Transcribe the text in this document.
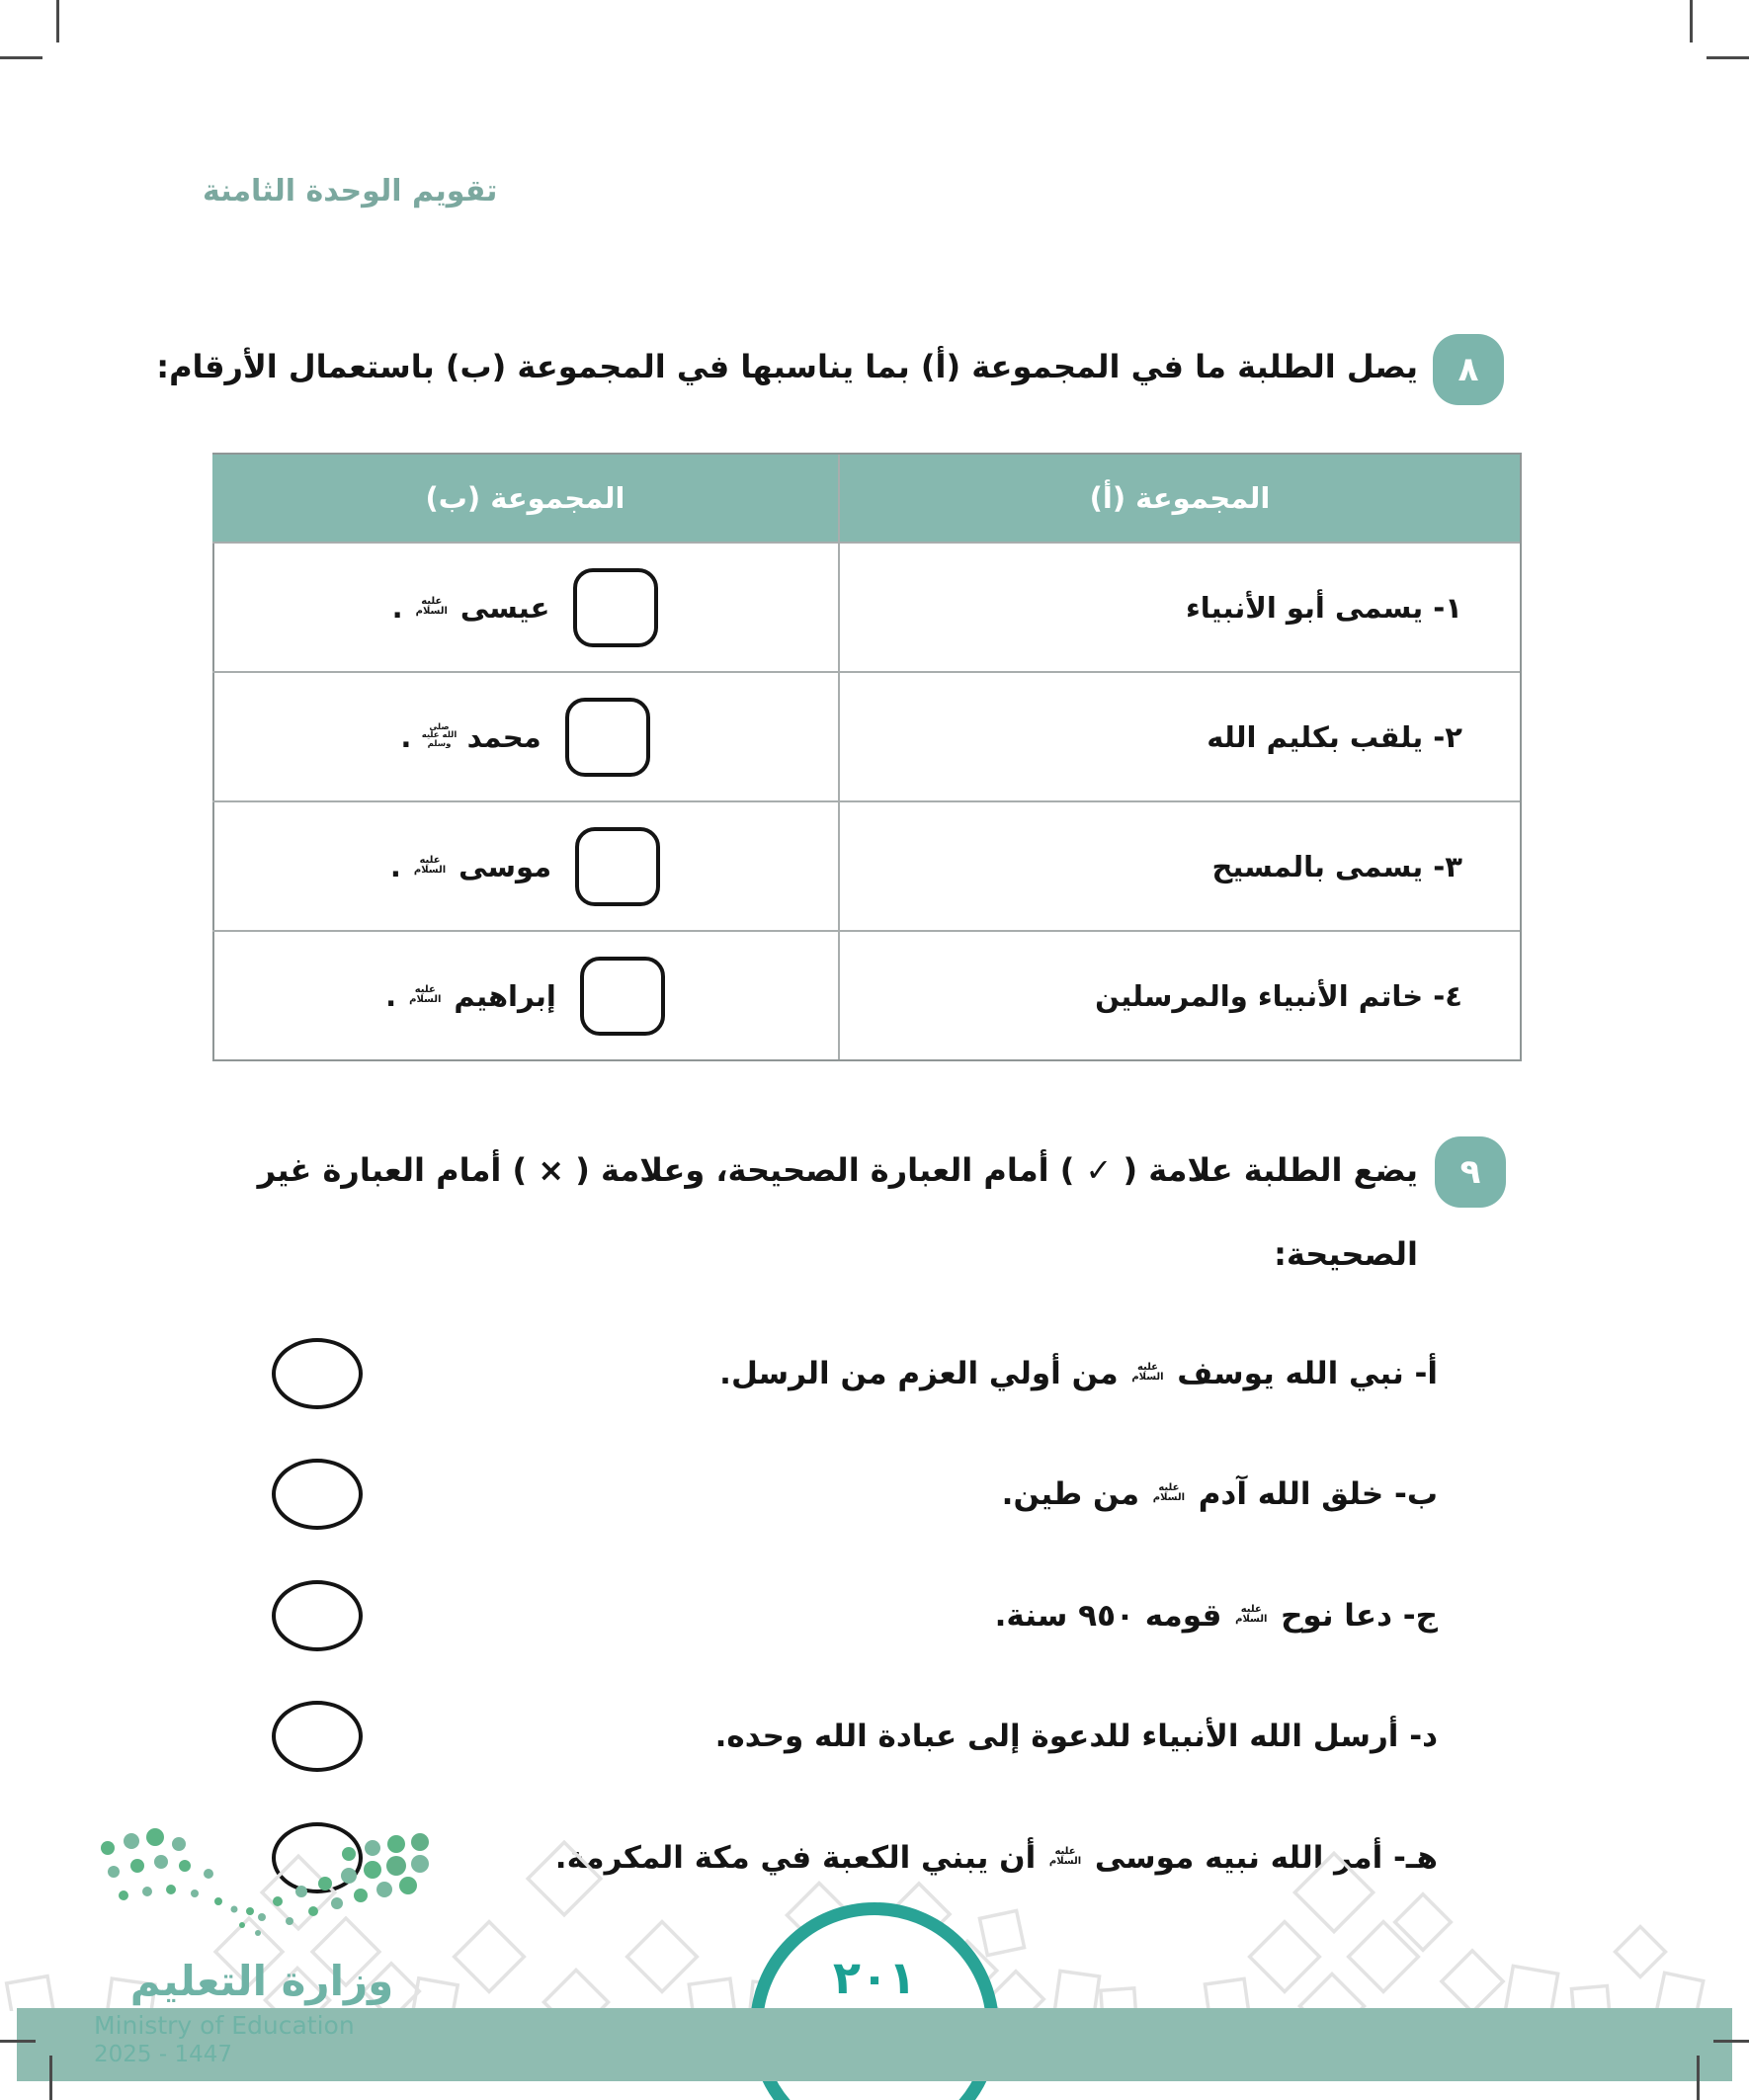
تقويم الوحدة الثامنة
٨
يصل الطلبة ما في المجموعة (أ) بما يناسبها في المجموعة (ب) باستعمال الأرقام:
المجموعة (أ)
المجموعة (ب)
١- يسمى أبو الأنبياء
عيسى عليه السلام .
٢- يلقب بكليم الله
محمد صلى الله عليه وسلم .
٣- يسمى بالمسيح
موسى عليه السلام .
٤- خاتم الأنبياء والمرسلين
إبراهيم عليه السلام .
٩
يضع الطلبة علامة ( ✓ ) أمام العبارة الصحيحة، وعلامة ( × ) أمام العبارة غير
الصحيحة:
أ- نبي الله يوسف عليه السلام من أولي العزم من الرسل.
ب- خلق الله آدم عليه السلام من طين.
ج- دعا نوح عليه السلام قومه ٩٥٠ سنة.
د- أرسل الله الأنبياء للدعوة إلى عبادة الله وحده.
هـ- أمر الله نبيه موسى عليه السلام أن يبني الكعبة في مكة المكرمة.
٢٠١
وزارة التعليم
Ministry of Education
2025 - 1447
